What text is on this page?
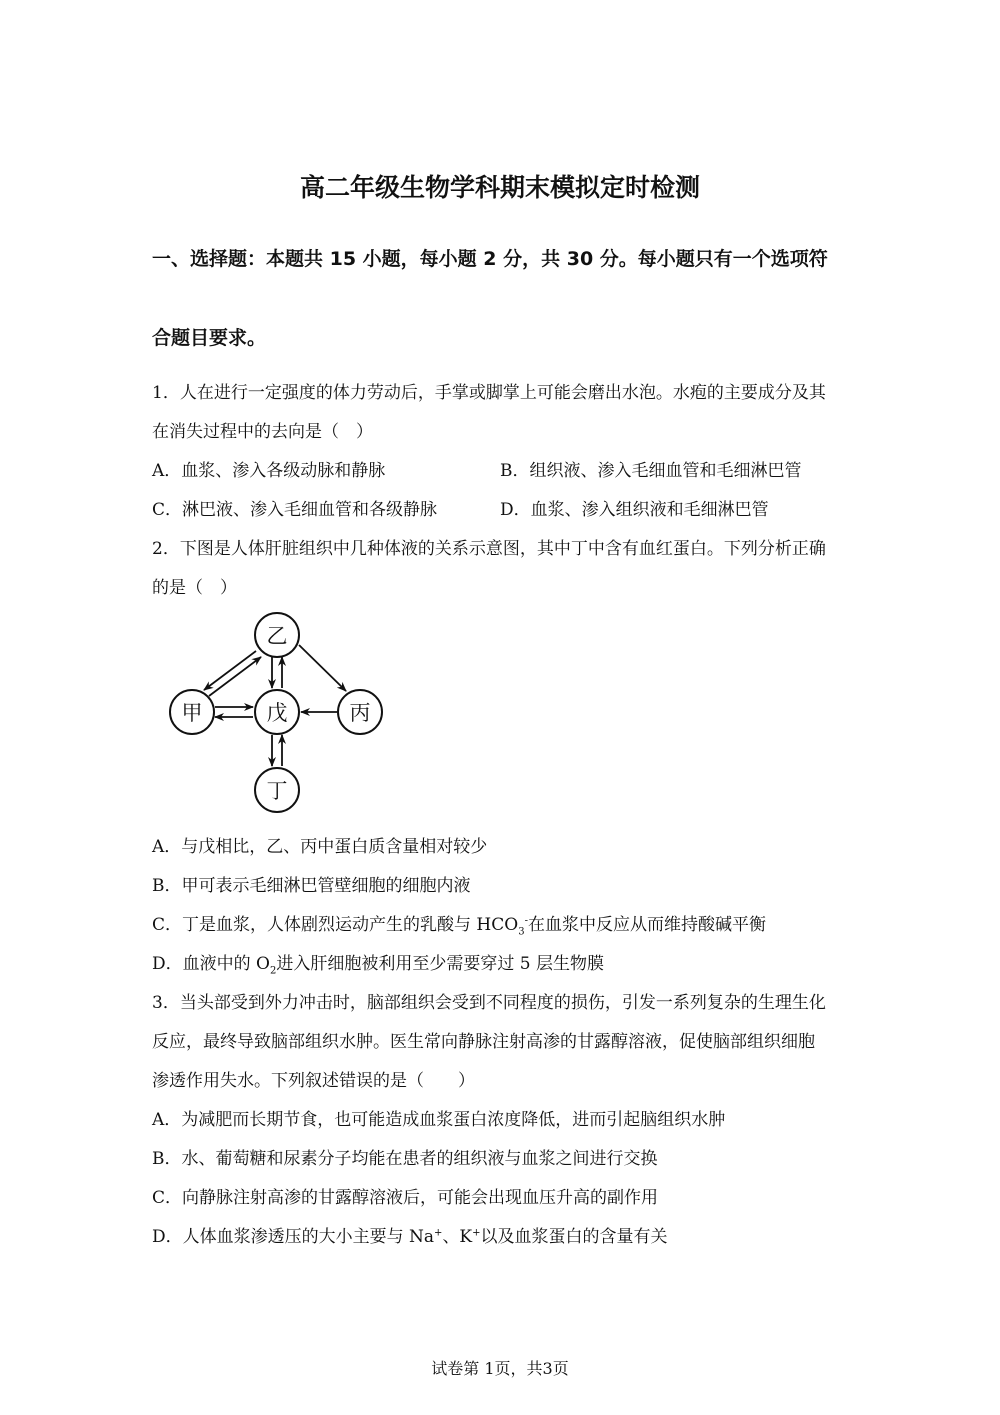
高二年级生物学科期末模拟定时检测
一、选择题：本题共 15 小题，每小题 2 分，共 30 分。每小题只有一个选项符
合题目要求。
1．人在进行一定强度的体力劳动后，手掌或脚掌上可能会磨出水泡。水疱的主要成分及其
在消失过程中的去向是（　）
A．血浆、渗入各级动脉和静脉	B．组织液、渗入毛细血管和毛细淋巴管
C．淋巴液、渗入毛细血管和各级静脉	D．血浆、渗入组织液和毛细淋巴管
2．下图是人体肝脏组织中几种体液的关系示意图，其中丁中含有血红蛋白。下列分析正确
的是（　）
乙
甲	戊	丙
丁
A．与戊相比，乙、丙中蛋白质含量相对较少
B．甲可表示毛细淋巴管壁细胞的细胞内液
C．丁是血浆，人体剧烈运动产生的乳酸与 $HCO_3^-$在血浆中反应从而维持酸碱平衡
D．血液中的 $O_2$进入肝细胞被利用至少需要穿过 5 层生物膜
3．当头部受到外力冲击时，脑部组织会受到不同程度的损伤，引发一系列复杂的生理生化
反应，最终导致脑部组织水肿。医生常向静脉注射高渗的甘露醇溶液，促使脑部组织细胞
渗透作用失水。下列叙述错误的是（　　）
A．为减肥而长期节食，也可能造成血浆蛋白浓度降低，进而引起脑组织水肿
B．水、葡萄糖和尿素分子均能在患者的组织液与血浆之间进行交换
C．向静脉注射高渗的甘露醇溶液后，可能会出现血压升高的副作用
D．人体血浆渗透压的大小主要与 Na+、K+以及血浆蛋白的含量有关
试卷第 1页，共3页
